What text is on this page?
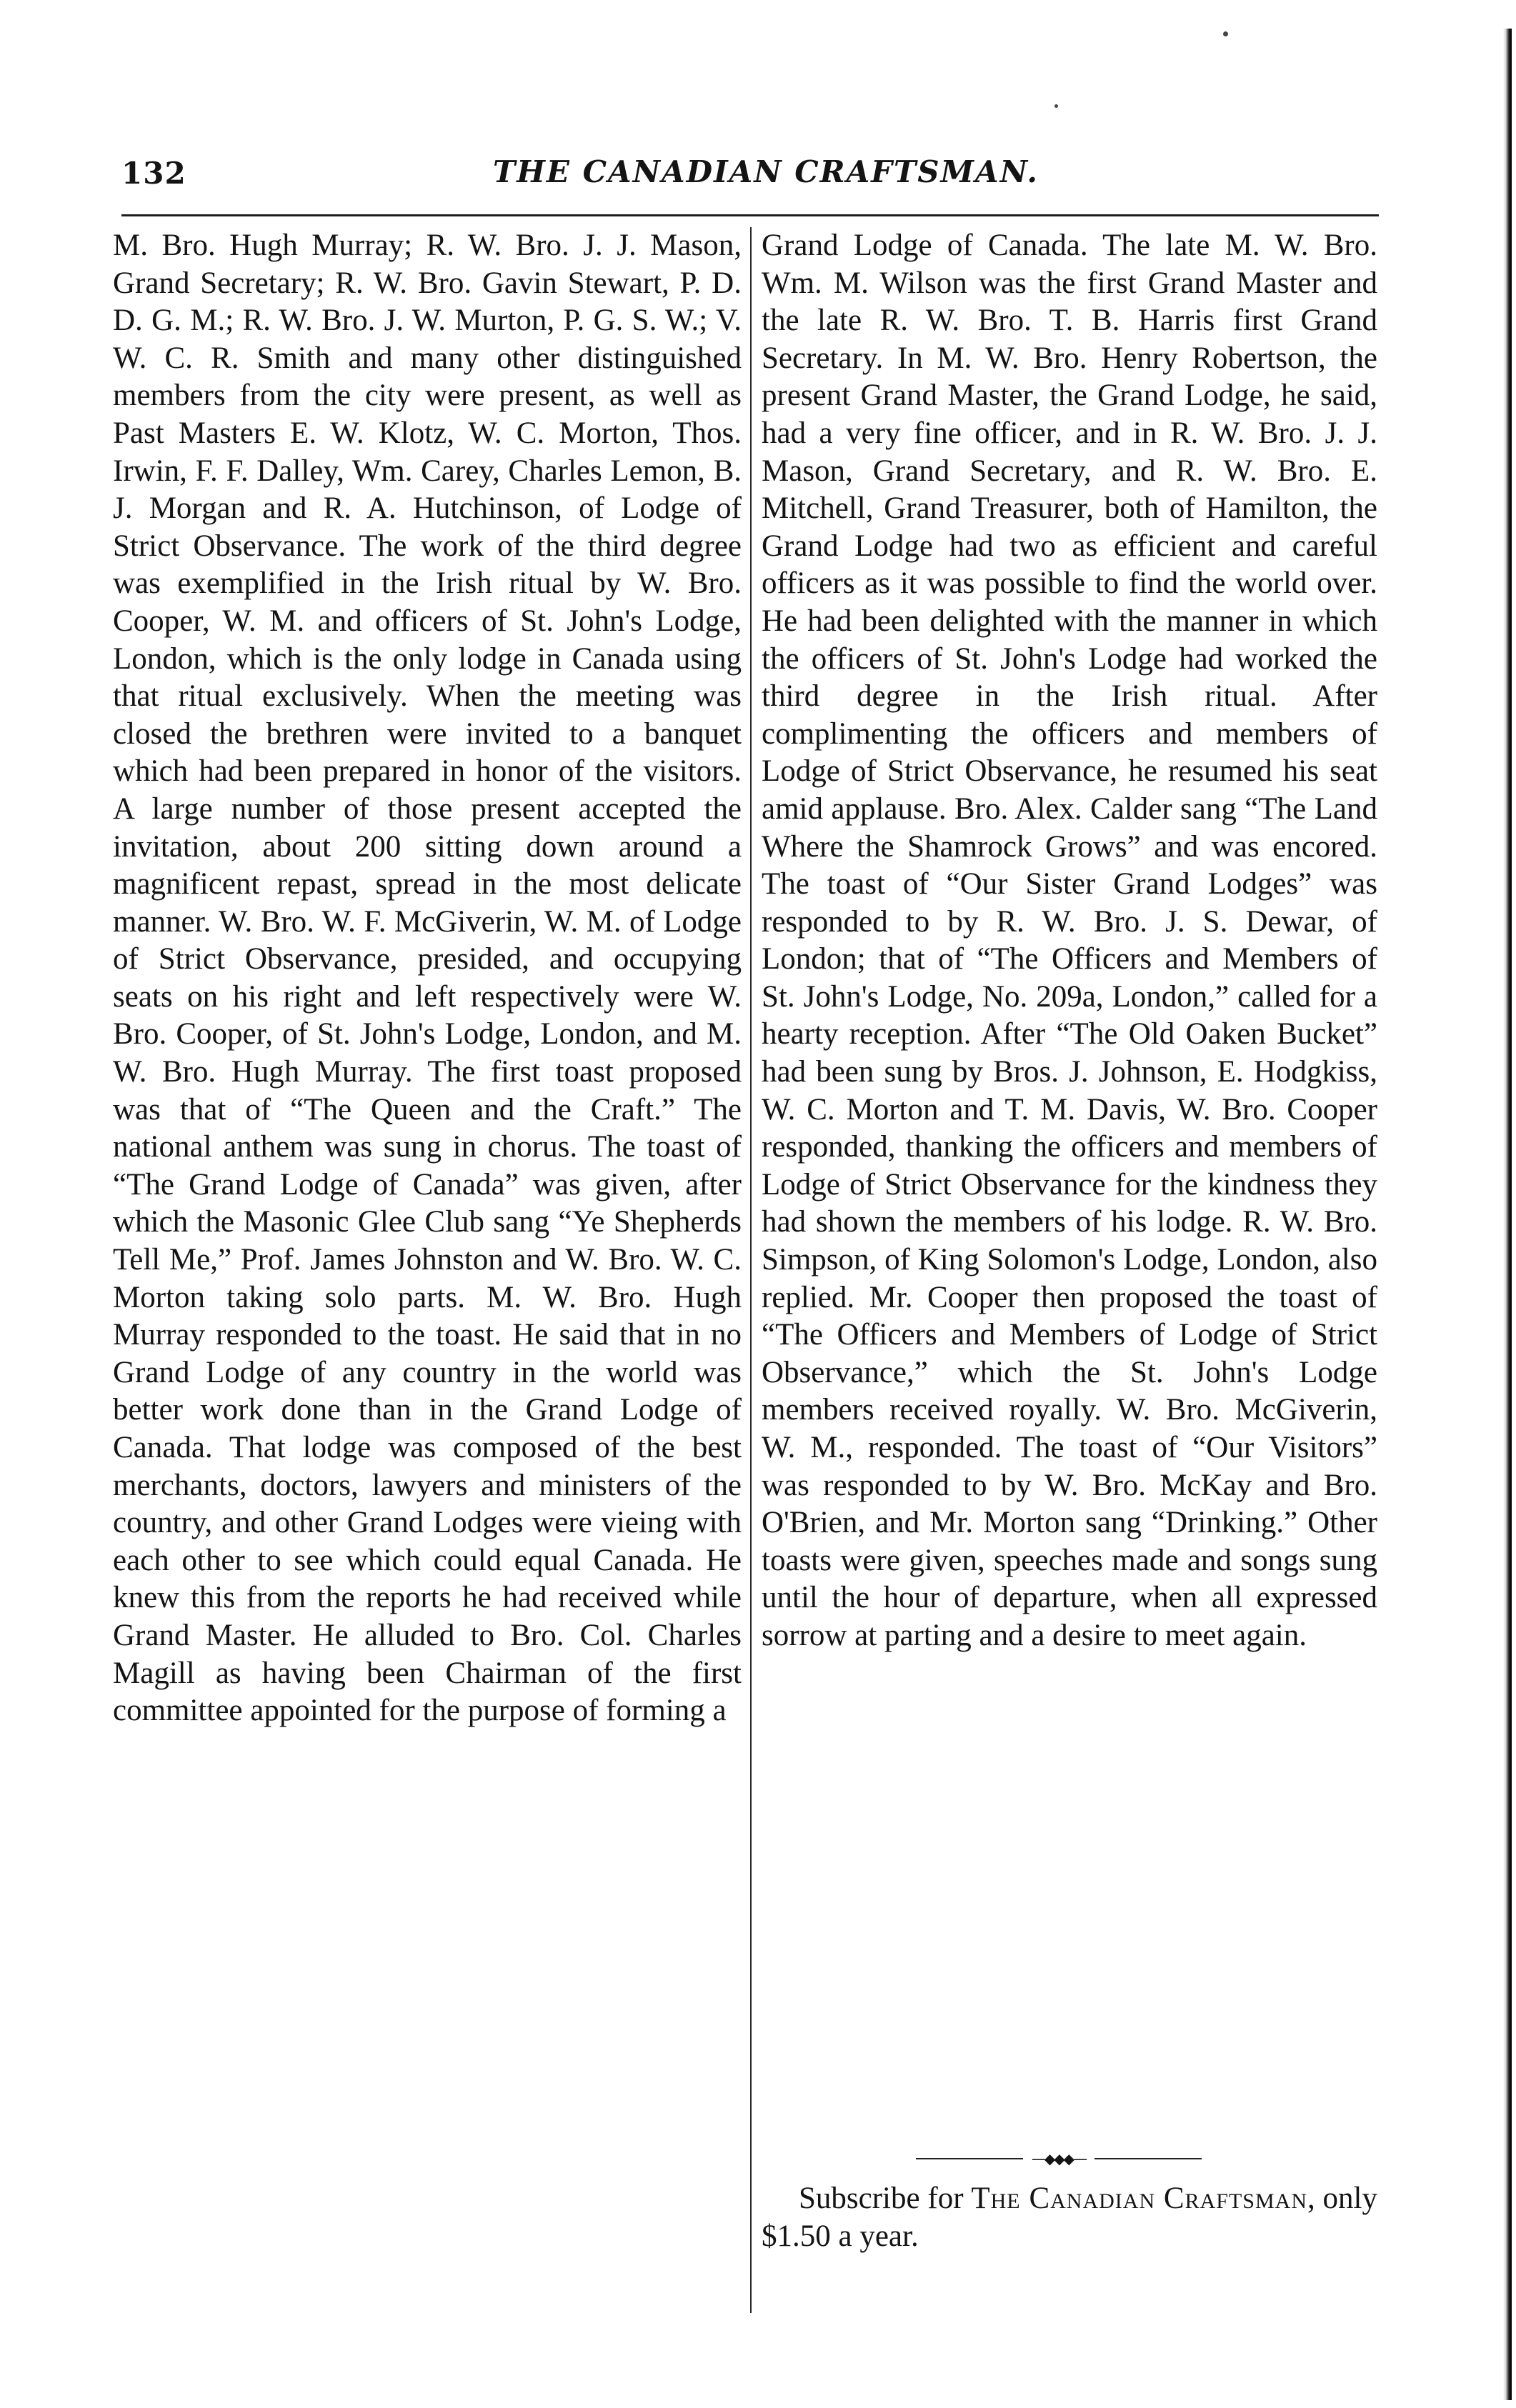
132	THE CANADIAN CRAFTSMAN.

M. Bro. Hugh Murray; R. W. Bro. J. J. Mason, Grand Secretary; R. W. Bro. Gavin Stewart, P. D. D. G. M.; R. W. Bro. J. W. Murton, P. G. S. W.; V. W. C. R. Smith and many other distinguished members from the city were present, as well as Past Masters E. W. Klotz, W. C. Morton, Thos. Irwin, F. F. Dalley, Wm. Carey, Charles Lemon, B. J. Morgan and R. A. Hutchinson, of Lodge of Strict Observance. The work of the third degree was exemplified in the Irish ritual by W. Bro. Cooper, W. M. and officers of St. John's Lodge, London, which is the only lodge in Canada using that ritual exclusively. When the meeting was closed the brethren were invited to a banquet which had been prepared in honor of the visitors. A large number of those present accepted the invitation, about 200 sitting down around a magnificent repast, spread in the most delicate manner. W. Bro. W. F. McGiverin, W. M. of Lodge of Strict Observance, presided, and occupying seats on his right and left respectively were W. Bro. Cooper, of St. John's Lodge, London, and M. W. Bro. Hugh Murray. The first toast proposed was that of “The Queen and the Craft.” The national anthem was sung in chorus. The toast of “The Grand Lodge of Canada” was given, after which the Masonic Glee Club sang “Ye Shepherds Tell Me,” Prof. James Johnston and W. Bro. W. C. Morton taking solo parts. M. W. Bro. Hugh Murray responded to the toast. He said that in no Grand Lodge of any country in the world was better work done than in the Grand Lodge of Canada. That lodge was composed of the best merchants, doctors, lawyers and ministers of the country, and other Grand Lodges were vieing with each other to see which could equal Canada. He knew this from the reports he had received while Grand Master. He alluded to Bro. Col. Charles Magill as having been Chairman of the first committee appointed for the purpose of forming a

Grand Lodge of Canada. The late M. W. Bro. Wm. M. Wilson was the first Grand Master and the late R. W. Bro. T. B. Harris first Grand Secretary. In M. W. Bro. Henry Robertson, the present Grand Master, the Grand Lodge, he said, had a very fine officer, and in R. W. Bro. J. J. Mason, Grand Secretary, and R. W. Bro. E. Mitchell, Grand Treasurer, both of Hamilton, the Grand Lodge had two as efficient and careful officers as it was possible to find the world over. He had been delighted with the manner in which the officers of St. John's Lodge had worked the third degree in the Irish ritual. After complimenting the officers and members of Lodge of Strict Observance, he resumed his seat amid applause. Bro. Alex. Calder sang “The Land Where the Shamrock Grows” and was encored. The toast of “Our Sister Grand Lodges” was responded to by R. W. Bro. J. S. Dewar, of London; that of “The Officers and Members of St. John's Lodge, No. 209a, London,” called for a hearty reception. After “The Old Oaken Bucket” had been sung by Bros. J. Johnson, E. Hodgkiss, W. C. Morton and T. M. Davis, W. Bro. Cooper responded, thanking the officers and members of Lodge of Strict Observance for the kindness they had shown the members of his lodge. R. W. Bro. Simpson, of King Solomon's Lodge, London, also replied. Mr. Cooper then proposed the toast of “The Officers and Members of Lodge of Strict Observance,” which the St. John's Lodge members received royally. W. Bro. McGiverin, W. M., responded. The toast of “Our Visitors” was responded to by W. Bro. McKay and Bro. O'Brien, and Mr. Morton sang “Drinking.” Other toasts were given, speeches made and songs sung until the hour of departure, when all expressed sorrow at parting and a desire to meet again.

—◆◆◆—

Subscribe for The Canadian Craftsman, only $1.50 a year.
